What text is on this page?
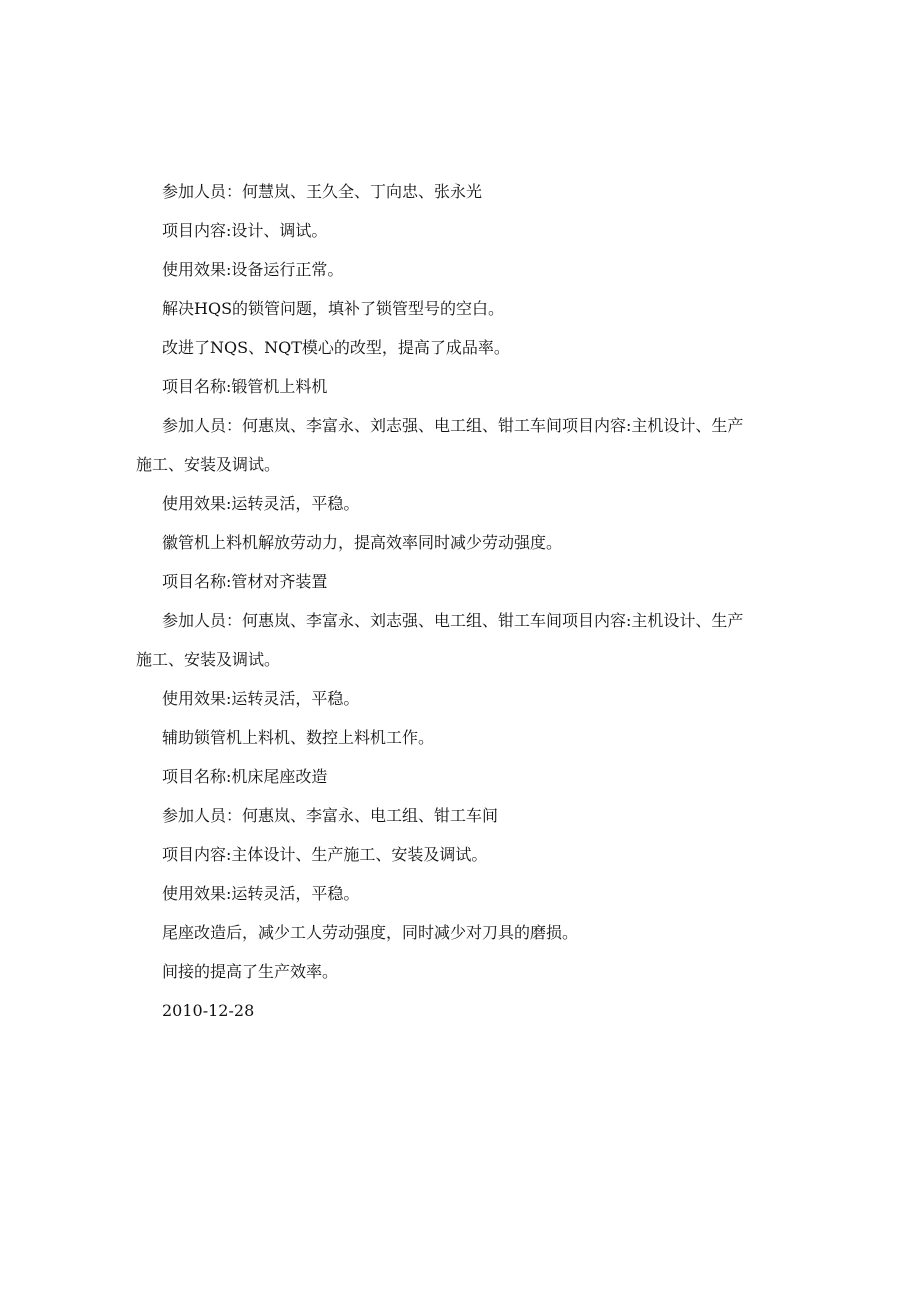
参加人员：何慧岚、王久全、丁向忠、张永光

项目内容:设计、调试。

使用效果:设备运行正常。

解决HQS的锁管问题，填补了锁管型号的空白。

改进了NQS、NQT模心的改型，提高了成品率。

项目名称:锻管机上料机

参加人员：何惠岚、李富永、刘志强、电工组、钳工车间项目内容:主机设计、生产施工、安装及调试。

使用效果:运转灵活，平稳。

徽管机上料机解放劳动力，提高效率同时减少劳动强度。

项目名称:管材对齐装置

参加人员：何惠岚、李富永、刘志强、电工组、钳工车间项目内容:主机设计、生产施工、安装及调试。

使用效果:运转灵活，平稳。

辅助锁管机上料机、数控上料机工作。

项目名称:机床尾座改造

参加人员：何惠岚、李富永、电工组、钳工车间

项目内容:主体设计、生产施工、安装及调试。

使用效果:运转灵活，平稳。

尾座改造后，减少工人劳动强度，同时减少对刀具的磨损。

间接的提高了生产效率。

2010-12-28
